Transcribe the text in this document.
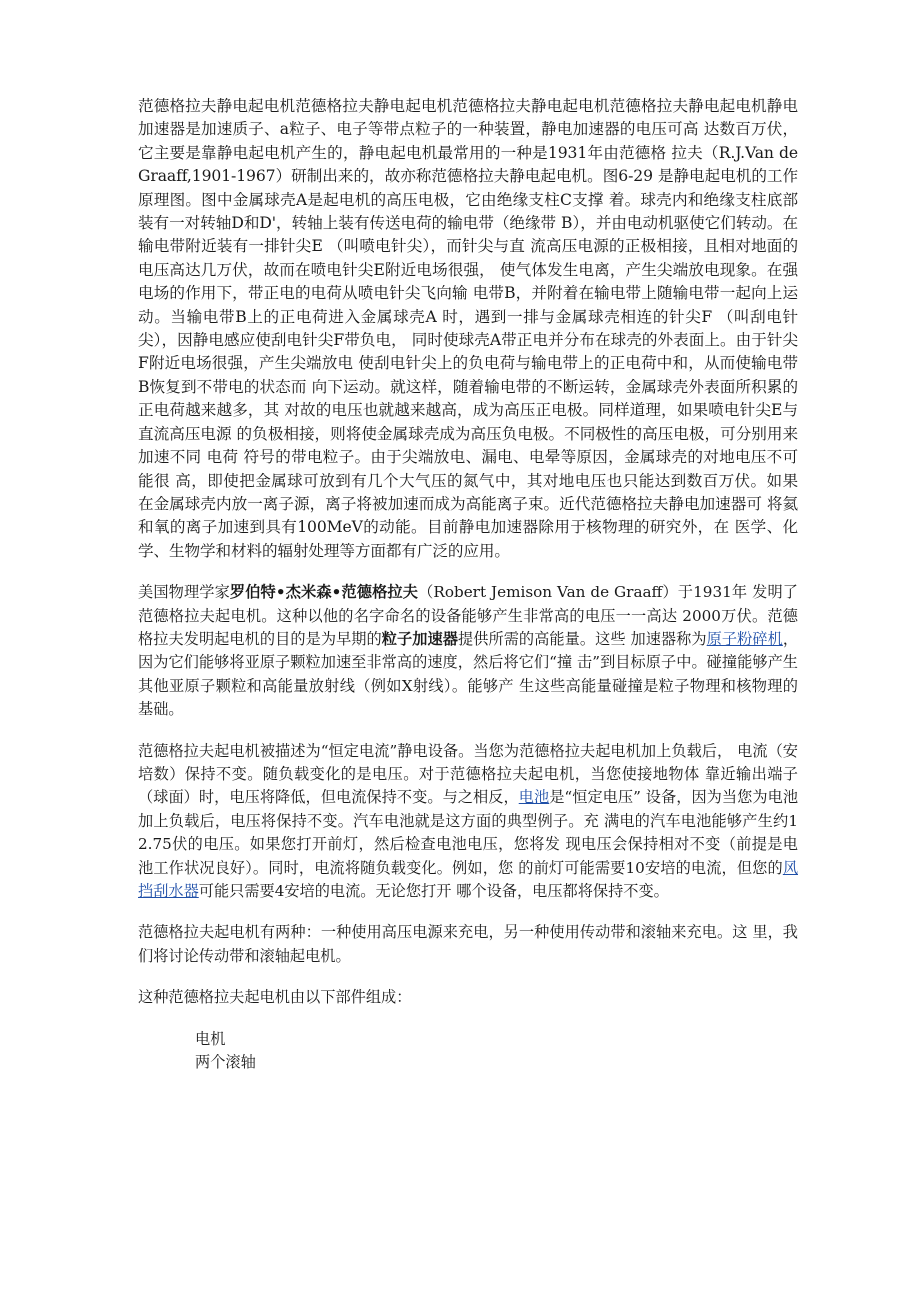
范德格拉夫静电起电机范德格拉夫静电起电机范德格拉夫静电起电机范德格拉夫静电起电机静电加速器是加速质子、a粒子、电子等带点粒子的一种装置，静电加速器的电压可高 达数百万伏，它主要是靠静电起电机产生的，静电起电机最常用的一种是1931年由范德格 拉夫（R.J.Van de Graaff,1901-1967）研制出来的，故亦称范德格拉夫静电起电机。图6-29 是静电起电机的工作原理图。图中金属球壳A是起电机的高压电极，它由绝缘支柱C支撑 着。球壳内和绝缘支柱底部装有一对转轴D和D'，转轴上装有传送电荷的输电带（绝缘带 B），并由电动机驱使它们转动。在输电带附近装有一排针尖E （叫喷电针尖），而针尖与直 流高压电源的正极相接，且相对地面的电压高达几万伏，故而在喷电针尖E附近电场很强， 使气体发生电离，产生尖端放电现象。在强电场的作用下，带正电的电荷从喷电针尖飞向输 电带B，并附着在输电带上随输电带一起向上运动。当输电带B上的正电荷进入金属球壳A 时，遇到一排与金属球壳相连的针尖F （叫刮电针尖），因静电感应使刮电针尖F带负电， 同时使球壳A带正电并分布在球壳的外表面上。由于针尖F附近电场很强，产生尖端放电 使刮电针尖上的负电荷与输电带上的正电荷中和，从而使输电带B恢复到不带电的状态而 向下运动。就这样，随着输电带的不断运转，金属球壳外表面所积累的正电荷越来越多，其 对故的电压也就越来越高，成为高压正电极。同样道理，如果喷电针尖E与直流高压电源 的负极相接，则将使金属球壳成为高压负电极。不同极性的高压电极，可分别用来加速不同 电荷 符号的带电粒子。由于尖端放电、漏电、电晕等原因，金属球壳的对地电压不可能很 高，即使把金属球可放到有几个大气压的氮气中，其对地电压也只能达到数百万伏。如果 在金属球壳内放一离子源，离子将被加速而成为高能离子束。近代范德格拉夫静电加速器可 将氦和氧的离子加速到具有100MeV的动能。目前静电加速器除用于核物理的研究外，在 医学、化学、生物学和材料的辐射处理等方面都有广泛的应用。

美国物理学家罗伯特•杰米森•范德格拉夫（Robert Jemison Van de Graaff）于1931年 发明了范德格拉夫起电机。这种以他的名字命名的设备能够产生非常高的电压一一高达 2000万伏。范德格拉夫发明起电机的目的是为早期的粒子加速器提供所需的高能量。这些 加速器称为原子粉碎机，因为它们能够将亚原子颗粒加速至非常高的速度，然后将它们“撞 击”到目标原子中。碰撞能够产生其他亚原子颗粒和高能量放射线（例如X射线）。能够产 生这些高能量碰撞是粒子物理和核物理的基础。

范德格拉夫起电机被描述为“恒定电流”静电设备。当您为范德格拉夫起电机加上负载后， 电流（安培数）保持不变。随负载变化的是电压。对于范德格拉夫起电机，当您使接地物体 靠近输出端子（球面）时，电压将降低，但电流保持不变。与之相反，电池是“恒定电压” 设备，因为当您为电池加上负载后，电压将保持不变。汽车电池就是这方面的典型例子。充 满电的汽车电池能够产生约12.75伏的电压。如果您打开前灯，然后检查电池电压，您将发 现电压会保持相对不变（前提是电池工作状况良好）。同时，电流将随负载变化。例如，您 的前灯可能需要10安培的电流，但您的风挡刮水器可能只需要4安培的电流。无论您打开 哪个设备，电压都将保持不变。

范德格拉夫起电机有两种：一种使用高压电源来充电，另一种使用传动带和滚轴来充电。这 里，我们将讨论传动带和滚轴起电机。

这种范德格拉夫起电机由以下部件组成：

电机
两个滚轴
